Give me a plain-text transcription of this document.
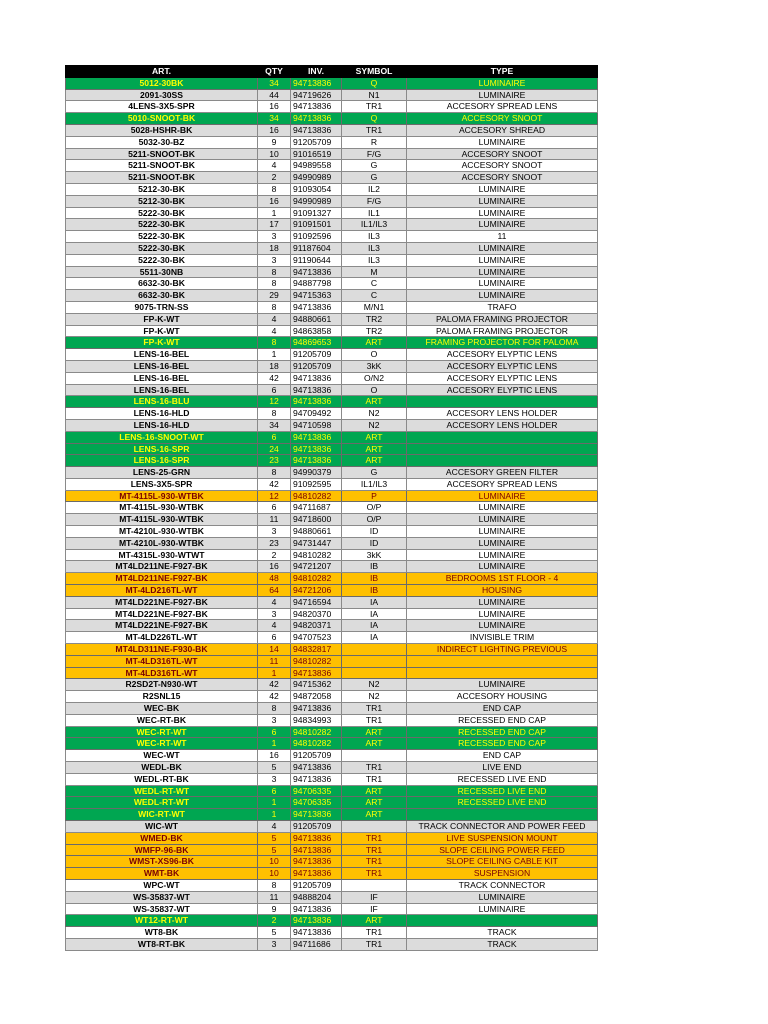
ART.	QTY	INV.	SYMBOL	TYPE
5012-30BK	34	94713836	Q	LUMINAIRE
2091-30SS	44	94719626	N1	LUMINAIRE
4LENS-3X5-SPR	16	94713836	TR1	ACCESORY SPREAD LENS
5010-SNOOT-BK	34	94713836	Q	ACCESORY SNOOT
5028-HSHR-BK	16	94713836	TR1	ACCESORY SHREAD
5032-30-BZ	9	91205709	R	LUMINAIRE
5211-SNOOT-BK	10	91016519	F/G	ACCESORY SNOOT
5211-SNOOT-BK	4	94989558	G	ACCESORY SNOOT
5211-SNOOT-BK	2	94990989	G	ACCESORY SNOOT
5212-30-BK	8	91093054	IL2	LUMINAIRE
5212-30-BK	16	94990989	F/G	LUMINAIRE
5222-30-BK	1	91091327	IL1	LUMINAIRE
5222-30-BK	17	91091501	IL1/IL3	LUMINAIRE
5222-30-BK	3	91092596	IL3	11
5222-30-BK	18	91187604	IL3	LUMINAIRE
5222-30-BK	3	91190644	IL3	LUMINAIRE
5511-30NB	8	94713836	M	LUMINAIRE
6632-30-BK	8	94887798	C	LUMINAIRE
6632-30-BK	29	94715363	C	LUMINAIRE
9075-TRN-SS	8	94713836	M/N1	TRAFO
FP-K-WT	4	94880661	TR2	PALOMA FRAMING PROJECTOR
FP-K-WT	4	94863858	TR2	PALOMA FRAMING PROJECTOR
FP-K-WT	8	94869653	ART	FRAMING PROJECTOR FOR PALOMA
LENS-16-BEL	1	91205709	O	ACCESORY ELYPTIC LENS
LENS-16-BEL	18	91205709	3kK	ACCESORY ELYPTIC LENS
LENS-16-BEL	42	94713836	O/N2	ACCESORY ELYPTIC LENS
LENS-16-BEL	6	94713836	O	ACCESORY ELYPTIC LENS
LENS-16-BLU	12	94713836	ART	
LENS-16-HLD	8	94709492	N2	ACCESORY LENS HOLDER
LENS-16-HLD	34	94710598	N2	ACCESORY LENS HOLDER
LENS-16-SNOOT-WT	6	94713836	ART	
LENS-16-SPR	24	94713836	ART	
LENS-16-SPR	23	94713836	ART	
LENS-25-GRN	8	94990379	G	ACCESORY GREEN FILTER
LENS-3X5-SPR	42	91092595	IL1/IL3	ACCESORY SPREAD LENS
MT-4115L-930-WTBK	12	94810282	P	LUMINAIRE
MT-4115L-930-WTBK	6	94711687	O/P	LUMINAIRE
MT-4115L-930-WTBK	11	94718600	O/P	LUMINAIRE
MT-4210L-930-WTBK	3	94880661	ID	LUMINAIRE
MT-4210L-930-WTBK	23	94731447	ID	LUMINAIRE
MT-4315L-930-WTWT	2	94810282	3kK	LUMINAIRE
MT4LD211NE-F927-BK	16	94721207	IB	LUMINAIRE
MT4LD211NE-F927-BK	48	94810282	IB	BEDROOMS 1ST FLOOR - 4
MT-4LD216TL-WT	64	94721206	IB	HOUSING
MT4LD221NE-F927-BK	4	94716594	IA	LUMINAIRE
MT4LD221NE-F927-BK	3	94820370	IA	LUMINAIRE
MT4LD221NE-F927-BK	4	94820371	IA	LUMINAIRE
MT-4LD226TL-WT	6	94707523	IA	INVISIBLE TRIM
MT4LD311NE-F930-BK	14	94832817		INDIRECT LIGHTING PREVIOUS
MT-4LD316TL-WT	11	94810282		
MT-4LD316TL-WT	1	94713836		
R2SD2T-N930-WT	42	94715362	N2	LUMINAIRE
R2SNL15	42	94872058	N2	ACCESORY HOUSING
WEC-BK	8	94713836	TR1	END CAP
WEC-RT-BK	3	94834993	TR1	RECESSED END CAP
WEC-RT-WT	6	94810282	ART	RECESSED END CAP
WEC-RT-WT	1	94810282	ART	RECESSED END CAP
WEC-WT	16	91205709		END CAP
WEDL-BK	5	94713836	TR1	LIVE END
WEDL-RT-BK	3	94713836	TR1	RECESSED LIVE END
WEDL-RT-WT	6	94706335	ART	RECESSED LIVE END
WEDL-RT-WT	1	94706335	ART	RECESSED LIVE END
WIC-RT-WT	1	94713836	ART	
WIC-WT	4	91205709		TRACK CONNECTOR AND POWER FEED
WMED-BK	5	94713836	TR1	LIVE SUSPENSION MOUNT
WMFP-96-BK	5	94713836	TR1	SLOPE CEILING POWER FEED
WMST-XS96-BK	10	94713836	TR1	SLOPE CEILING CABLE KIT
WMT-BK	10	94713836	TR1	SUSPENSION
WPC-WT	8	91205709		TRACK CONNECTOR
WS-35837-WT	11	94888204	IF	LUMINAIRE
WS-35837-WT	9	94713836	IF	LUMINAIRE
WT12-RT-WT	2	94713836	ART	
WT8-BK	5	94713836	TR1	TRACK
WT8-RT-BK	3	94711686	TR1	TRACK
